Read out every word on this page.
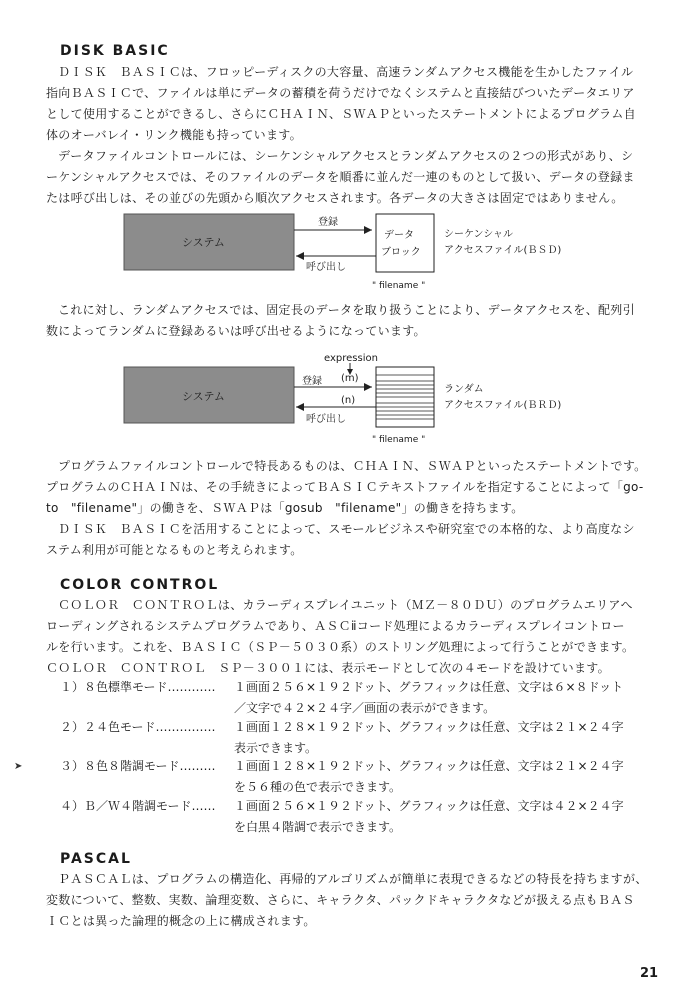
DISK BASIC
ＤＩＳＫ　ＢＡＳＩＣは、フロッピーディスクの大容量、高速ランダムアクセス機能を生かしたファイル
指向ＢＡＳＩＣで、ファイルは単にデータの蓄積を荷うだけでなくシステムと直接結びついたデータエリア
として使用することができるし、さらにＣＨＡＩＮ、ＳＷＡＰといったステートメントによるプログラム自
体のオーバレイ・リンク機能も持っています。
データファイルコントロールには、シーケンシャルアクセスとランダムアクセスの２つの形式があり、シ
ーケンシャルアクセスでは、そのファイルのデータを順番に並んだ一連のものとして扱い、データの登録ま
たは呼び出しは、その並びの先頭から順次アクセスされます。各データの大きさは固定ではありません。
システム
登録
呼び出し
データ
ブロック
" filename "
シーケンシャル
アクセスファイル(ＢＳＤ)
これに対し、ランダムアクセスでは、固定長のデータを取り扱うことにより、データアクセスを、配列引
数によってランダムに登録あるいは呼び出せるようになっています。
システム
expression
(m)
(n)
登録
呼び出し
" filename "
ランダム
アクセスファイル(ＢＲＤ)
プログラムファイルコントロールで特長あるものは、ＣＨＡＩＮ、ＳＷＡＰといったステートメントです。
プログラムのＣＨＡＩＮは、その手続きによってＢＡＳＩＣテキストファイルを指定することによって「go-
to　"filename"」の働きを、ＳＷＡＰは「gosub　"filename"」の働きを持ちます。
ＤＩＳＫ　ＢＡＳＩＣを活用することによって、スモールビジネスや研究室での本格的な、より高度なシ
ステム利用が可能となるものと考えられます。
COLOR CONTROL
ＣＯＬＯＲ　ＣＯＮＴＲＯＬは、カラーディスプレイユニット（ＭＺ－８０ＤＵ）のプログラムエリアへ
ローディングされるシステムプログラムであり、ＡＳＣⅱコード処理によるカラーディスプレイコントロー
ルを行います。これを、ＢＡＳＩＣ（ＳＰ－５０３０系）のストリング処理によって行うことができます。
ＣＯＬＯＲ　ＣＯＮＴＲＯＬ　ＳＰ－３００１には、表示モードとして次の４モードを設けています。
１） ８色標準モード………… １画面２５６×１９２ドット、グラフィックは任意、文字は６×８ドット
／文字で４２×２４字／画面の表示ができます。
２） ２４色モード…………… １画面１２８×１９２ドット、グラフィックは任意、文字は２１×２４字
表示できます。
３） ８色８階調モード……… １画面１２８×１９２ドット、グラフィックは任意、文字は２１×２４字
を５６種の色で表示できます。
４） Ｂ／Ｗ４階調モード…… １画面２５６×１９２ドット、グラフィックは任意、文字は４２×２４字
を白黒４階調で表示できます。
➤
PASCAL
ＰＡＳＣＡＬは、プログラムの構造化、再帰的アルゴリズムが簡単に表現できるなどの特長を持ちますが、
変数について、整数、実数、論理変数、さらに、キャラクタ、パックドキャラクタなどが扱える点もＢＡＳ
ＩＣとは異った論理的概念の上に構成されます。
21
